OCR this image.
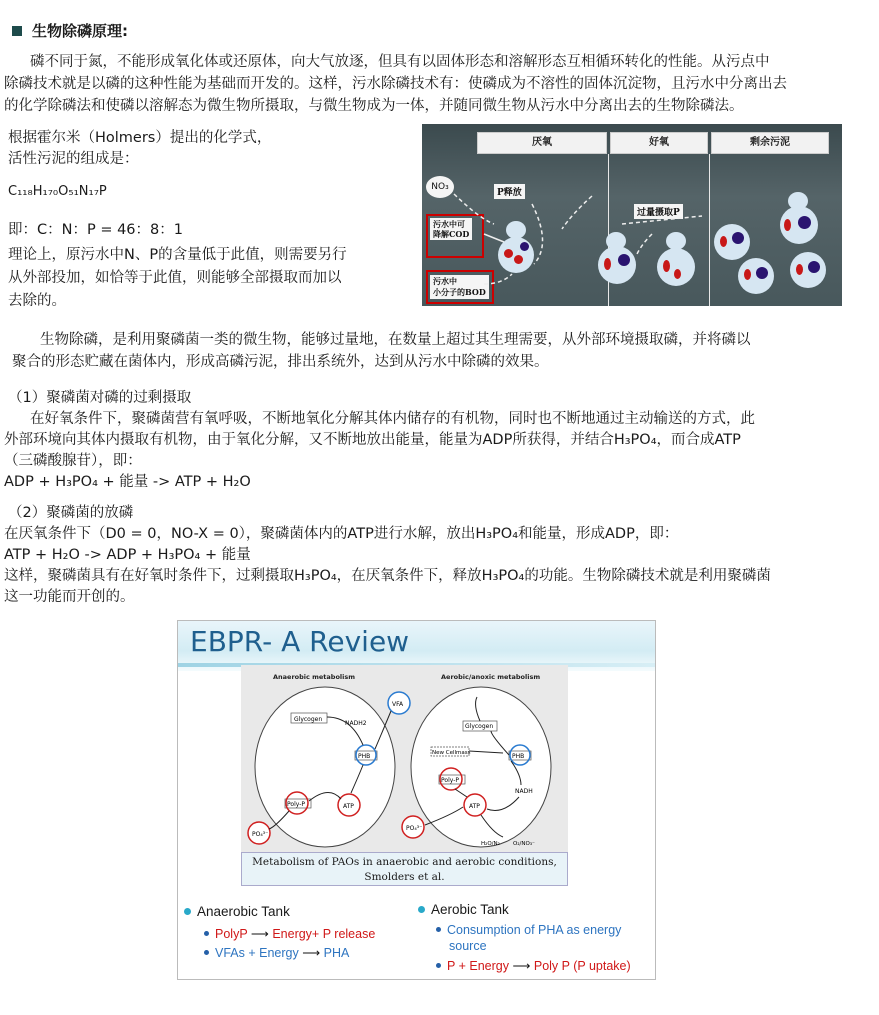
生物除磷原理:
磷不同于氮，不能形成氧化体或还原体，向大气放逐，但具有以固体形态和溶解形态互相循环转化的性能。从污点中
除磷技术就是以磷的这种性能为基础而开发的。这样，污水除磷技术有：使磷成为不溶性的固体沉淀物，且污水中分离出去
的化学除磷法和使磷以溶解态为微生物所摄取，与微生物成为一体，并随同微生物从污水中分离出去的生物除磷法。
根据霍尔米（Holmers）提出的化学式，
活性污泥的组成是：
C₁₁₈H₁₇₀O₅₁N₁₇P
即：C：N：P = 46：8：1
理论上，原污水中N、P的含量低于此值，则需要另行
从外部投加，如恰等于此值，则能够全部摄取而加以
去除的。
厌氧	好氧	剩余污泥
NO₃
P释放
过量摄取P
污水中可
降解COD
污水中
小分子的BOD
生物除磷，是利用聚磷菌一类的微生物，能够过量地，在数量上超过其生理需要，从外部环境摄取磷，并将磷以
聚合的形态贮藏在菌体内，形成高磷污泥，排出系统外，达到从污水中除磷的效果。
（1）聚磷菌对磷的过剩摄取
在好氧条件下，聚磷菌营有氧呼吸，不断地氧化分解其体内储存的有机物，同时也不断地通过主动输送的方式，此
外部环境向其体内摄取有机物，由于氧化分解，又不断地放出能量，能量为ADP所获得，并结合H₃PO₄，而合成ATP
（三磷酸腺苷），即：
ADP + H₃PO₄ + 能量 -> ATP + H₂O
（2）聚磷菌的放磷
在厌氧条件下（D0 = 0，NO-X = 0），聚磷菌体内的ATP进行水解，放出H₃PO₄和能量，形成ADP，即：
ATP + H₂O -> ADP + H₃PO₄ + 能量
这样，聚磷菌具有在好氧时条件下，过剩摄取H₃PO₄，在厌氧条件下，释放H₃PO₄的功能。生物除磷技术就是利用聚磷菌
这一功能而开创的。
EBPR- A Review
Anaerobic metabolism	Aerobic/anoxic metabolism
Glycogen
NADH2
VFA
PHB
Poly-P	ATP
PO₄³⁻
New Cellmass
Glycogen
PHB
Poly-P
ATP
NADH
PO₄³⁻
H₂O/N₂ O₂/NO₃⁻
Metabolism of PAOs in anaerobic and aerobic conditions,
Smolders et al.
Anaerobic Tank
PolyP ⟶ Energy+ P release
VFAs + Energy ⟶ PHA
Aerobic Tank
Consumption of PHA as energy
source
P + Energy ⟶ Poly P (P uptake)
